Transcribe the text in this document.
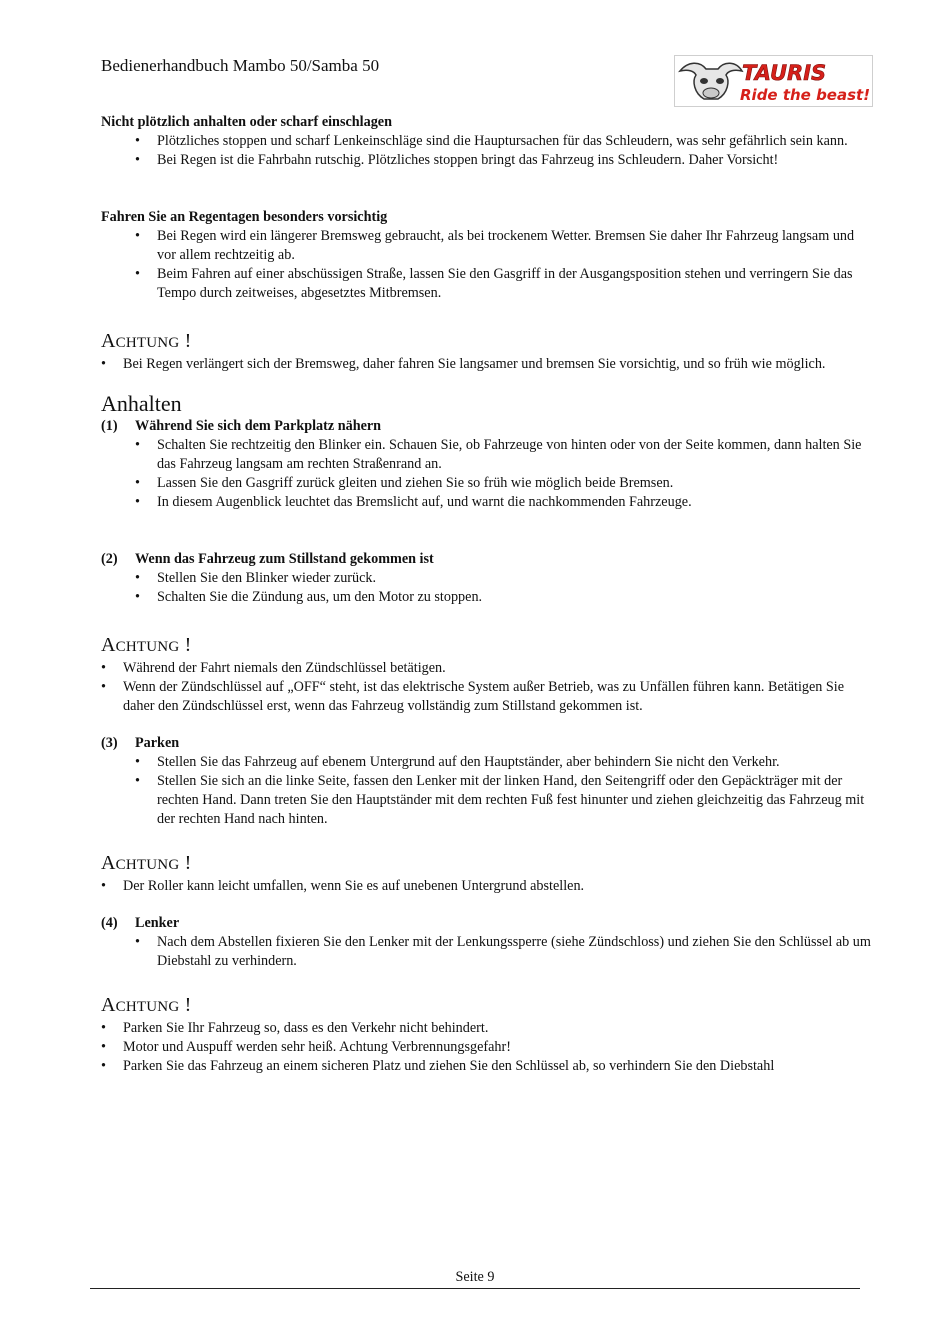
Bedienerhandbuch Mambo 50/Samba 50	TAURIS
Ride the beast!

Nicht plötzlich anhalten oder scharf einschlagen

• Plötzliches stoppen und scharf Lenkeinschläge sind die Hauptursachen für das Schleudern, was sehr gefährlich sein kann.
• Bei Regen ist die Fahrbahn rutschig. Plötzliches stoppen bringt das Fahrzeug ins Schleudern. Daher Vorsicht!

Fahren Sie an Regentagen besonders vorsichtig

• Bei Regen wird ein längerer Bremsweg gebraucht, als bei trockenem Wetter. Bremsen Sie daher Ihr Fahrzeug langsam und vor allem rechtzeitig ab.
• Beim Fahren auf einer abschüssigen Straße, lassen Sie den Gasgriff in der Ausgangsposition stehen und verringern Sie das Tempo durch zeitweises, abgesetztes Mitbremsen.

ACHTUNG !

• Bei Regen verlängert sich der Bremsweg, daher fahren Sie langsamer und bremsen Sie vorsichtig, und so früh wie möglich.

Anhalten

(1) Während Sie sich dem Parkplatz nähern

• Schalten Sie rechtzeitig den Blinker ein. Schauen Sie, ob Fahrzeuge von hinten oder von der Seite kommen, dann halten Sie das Fahrzeug langsam am rechten Straßenrand an.
• Lassen Sie den Gasgriff zurück gleiten und ziehen Sie so früh wie möglich beide Bremsen.
• In diesem Augenblick leuchtet das Bremslicht auf, und warnt die nachkommenden Fahrzeuge.

(2) Wenn das Fahrzeug zum Stillstand gekommen ist

• Stellen Sie den Blinker wieder zurück.
• Schalten Sie die Zündung aus, um den Motor zu stoppen.

ACHTUNG !

• Während der Fahrt niemals den Zündschlüssel betätigen.
• Wenn der Zündschlüssel auf „OFF“ steht, ist das elektrische System außer Betrieb, was zu Unfällen führen kann. Betätigen Sie daher den Zündschlüssel erst, wenn das Fahrzeug vollständig zum Stillstand gekommen ist.

(3) Parken

• Stellen Sie das Fahrzeug auf ebenem Untergrund auf den Hauptständer, aber behindern Sie nicht den Verkehr.
• Stellen Sie sich an die linke Seite, fassen den Lenker mit der linken Hand, den Seitengriff oder den Gepäckträger mit der rechten Hand. Dann treten Sie den Hauptständer mit dem rechten Fuß fest hinunter und ziehen gleichzeitig das Fahrzeug mit der rechten Hand nach hinten.

ACHTUNG !

• Der Roller kann leicht umfallen, wenn Sie es auf unebenen Untergrund abstellen.

(4) Lenker

• Nach dem Abstellen fixieren Sie den Lenker mit der Lenkungssperre (siehe Zündschloss) und ziehen Sie den Schlüssel ab um Diebstahl zu verhindern.

ACHTUNG !

• Parken Sie Ihr Fahrzeug so, dass es den Verkehr nicht behindert.
• Motor und Auspuff werden sehr heiß. Achtung Verbrennungsgefahr!
• Parken Sie das Fahrzeug an einem sicheren Platz und ziehen Sie den Schlüssel ab, so verhindern Sie den Diebstahl
Seite 9
